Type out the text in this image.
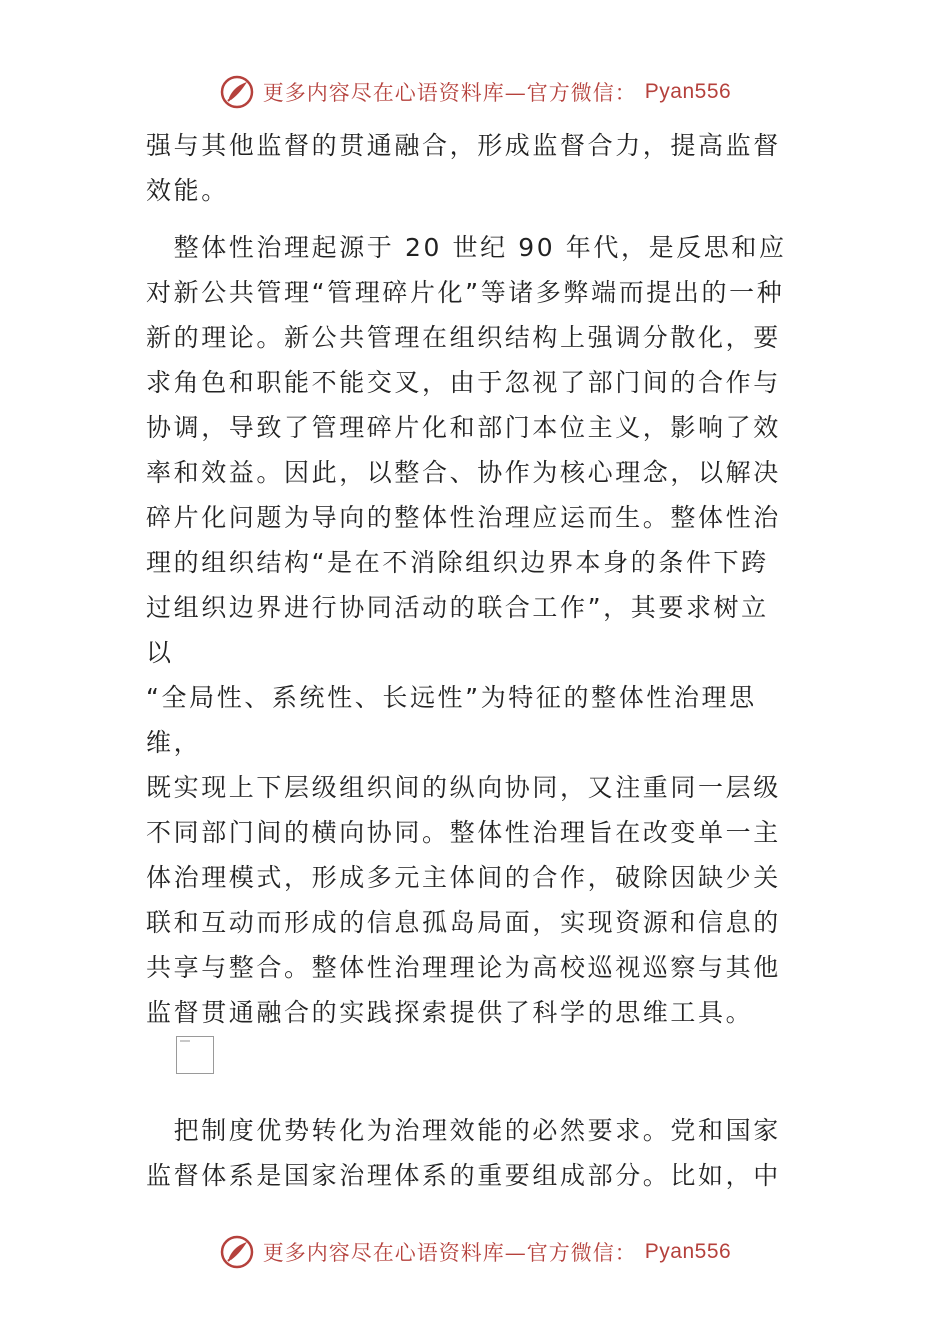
更多内容尽在心语资料库—官方微信： Pyan556

强与其他监督的贯通融合，形成监督合力，提高监督
效能。

　整体性治理起源于 20 世纪 90 年代，是反思和应
对新公共管理“管理碎片化”等诸多弊端而提出的一种
新的理论。新公共管理在组织结构上强调分散化，要
求角色和职能不能交叉，由于忽视了部门间的合作与
协调，导致了管理碎片化和部门本位主义，影响了效
率和效益。因此，以整合、协作为核心理念，以解决
碎片化问题为导向的整体性治理应运而生。整体性治
理的组织结构“是在不消除组织边界本身的条件下跨
过组织边界进行协同活动的联合工作”，其要求树立
以
“全局性、系统性、长远性”为特征的整体性治理思维，
既实现上下层级组织间的纵向协同，又注重同一层级
不同部门间的横向协同。整体性治理旨在改变单一主
体治理模式，形成多元主体间的合作，破除因缺少关
联和互动而形成的信息孤岛局面，实现资源和信息的
共享与整合。整体性治理理论为高校巡视巡察与其他
监督贯通融合的实践探索提供了科学的思维工具。

　把制度优势转化为治理效能的必然要求。党和国家
监督体系是国家治理体系的重要组成部分。比如，中

更多内容尽在心语资料库—官方微信： Pyan556
